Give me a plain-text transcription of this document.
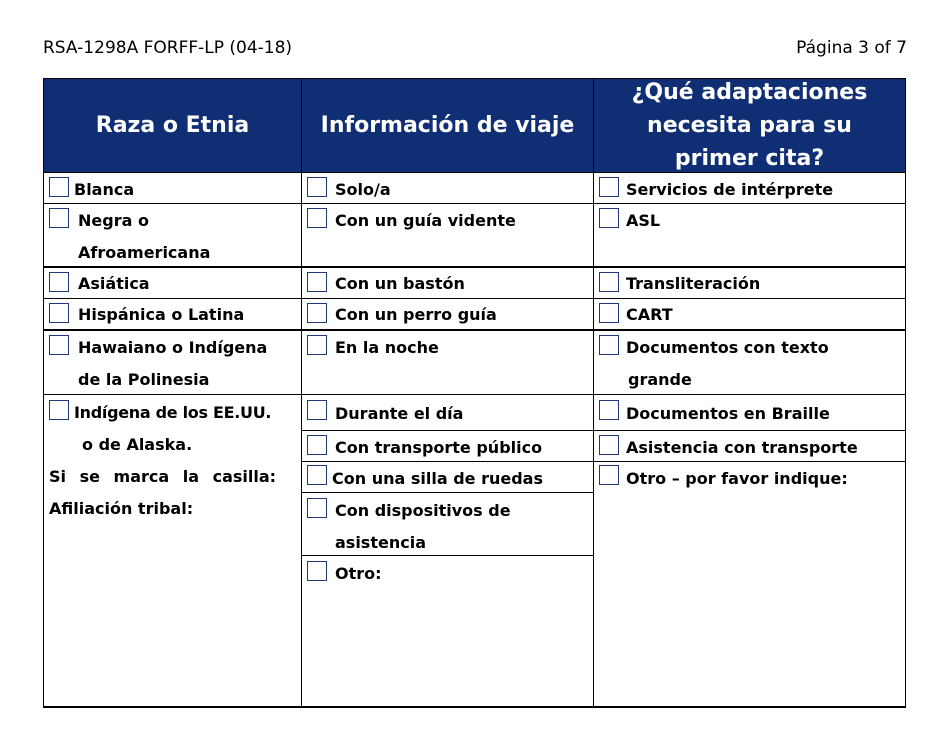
RSA-1298A FORFF-LP (04-18)	Página 3 of 7
Raza o Etnia	Información de viaje
¿Qué adaptaciones necesita para su primer cita?
Blanca
Negra o
Afroamericana
Asiática
Hispánica o Latina
Hawaiano o Indígena
de la Polinesia
Indígena de los EE.UU.
o de Alaska.
Si se marca la casilla:
Afiliación tribal:
Solo/a
Con un guía vidente
Con un bastón
Con un perro guía
En la noche
Durante el día
Con transporte público
Con una silla de ruedas
Con dispositivos de
asistencia
Otro:
Servicios de intérprete
ASL
Transliteración
CART
Documentos con texto
grande
Documentos en Braille
Asistencia con transporte
Otro – por favor indique:
